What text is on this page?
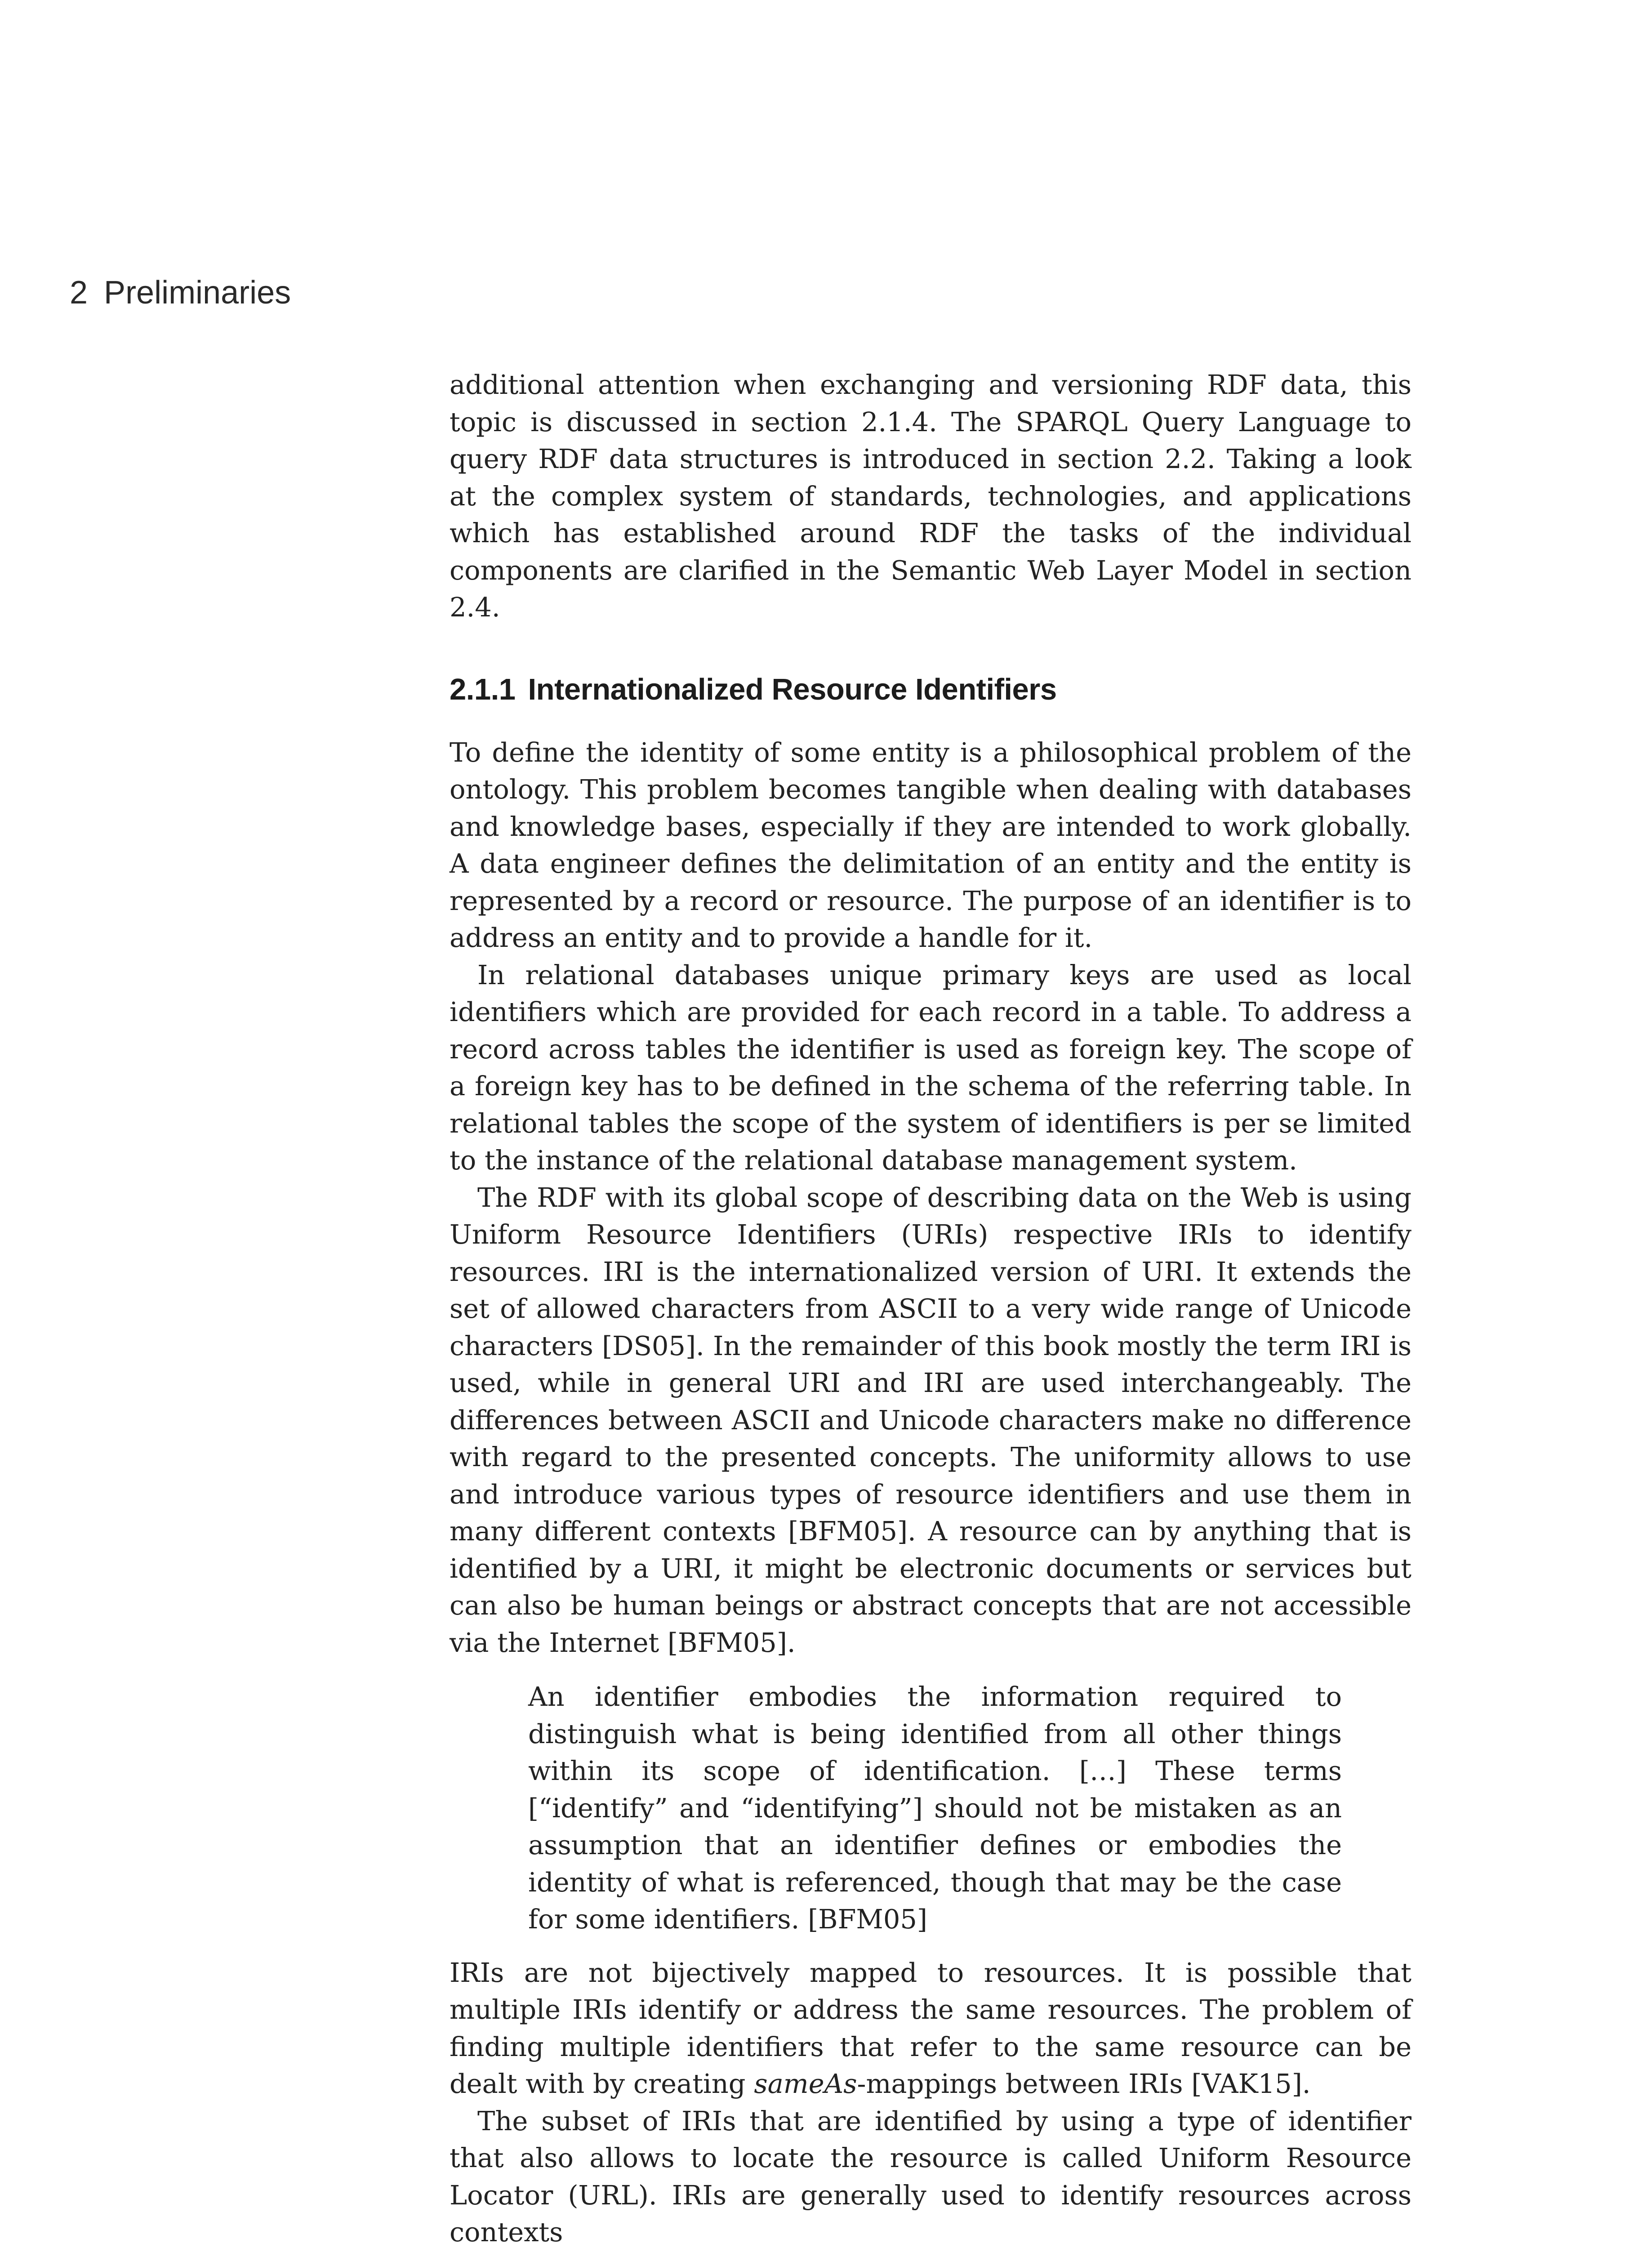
2 Preliminaries

additional attention when exchanging and versioning RDF data, this topic is discussed in section 2.1.4. The SPARQL Query Language to query RDF data structures is introduced in section 2.2. Taking a look at the complex system of standards, technologies, and applications which has established around RDF the tasks of the individual components are clarified in the Semantic Web Layer Model in section 2.4.

2.1.1 Internationalized Resource Identifiers

To define the identity of some entity is a philosophical problem of the ontology. This problem becomes tangible when dealing with databases and knowledge bases, especially if they are intended to work globally. A data engineer defines the delimitation of an entity and the entity is represented by a record or resource. The purpose of an identifier is to address an entity and to provide a handle for it.

In relational databases unique primary keys are used as local identifiers which are provided for each record in a table. To address a record across tables the identifier is used as foreign key. The scope of a foreign key has to be defined in the schema of the referring table. In relational tables the scope of the system of identifiers is per se limited to the instance of the relational database management system.

The RDF with its global scope of describing data on the Web is using Uniform Resource Identifiers (URIs) respective IRIs to identify resources. IRI is the internationalized version of URI. It extends the set of allowed characters from ASCII to a very wide range of Unicode characters [DS05]. In the remainder of this book mostly the term IRI is used, while in general URI and IRI are used interchangeably. The differences between ASCII and Unicode characters make no difference with regard to the presented concepts. The uniformity allows to use and introduce various types of resource identifiers and use them in many different contexts [BFM05]. A resource can by anything that is identified by a URI, it might be electronic documents or services but can also be human beings or abstract concepts that are not accessible via the Internet [BFM05].

An identifier embodies the information required to distinguish what is being identified from all other things within its scope of identification. […] These terms [“identify” and “identifying”] should not be mistaken as an assumption that an identifier defines or embodies the identity of what is referenced, though that may be the case for some identifiers. [BFM05]

IRIs are not bijectively mapped to resources. It is possible that multiple IRIs identify or address the same resources. The problem of finding multiple identifiers that refer to the same resource can be dealt with by creating sameAs-mappings between IRIs [VAK15].

The subset of IRIs that are identified by using a type of identifier that also allows to locate the resource is called Uniform Resource Locator (URL). IRIs are generally used to identify resources across contexts
